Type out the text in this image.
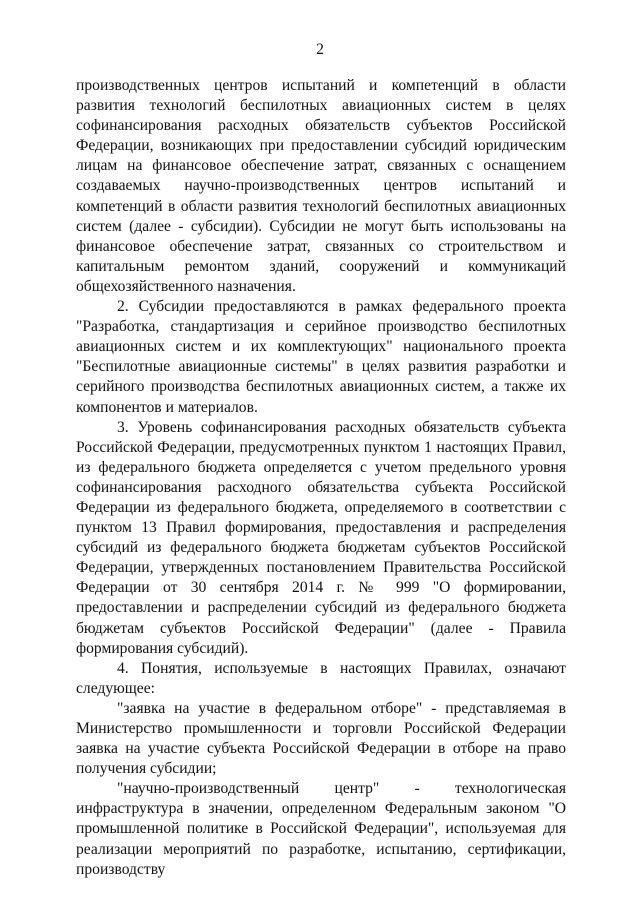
2

производственных центров испытаний и компетенций в области развития технологий беспилотных авиационных систем в целях софинансирования расходных обязательств субъектов Российской Федерации, возникающих при предоставлении субсидий юридическим лицам на финансовое обеспечение затрат, связанных с оснащением создаваемых научно-производственных центров испытаний и компетенций в области развития технологий беспилотных авиационных систем (далее - субсидии). Субсидии не могут быть использованы на финансовое обеспечение затрат, связанных со строительством и капитальным ремонтом зданий, сооружений и коммуникаций общехозяйственного назначения.

2. Субсидии предоставляются в рамках федерального проекта "Разработка, стандартизация и серийное производство беспилотных авиационных систем и их комплектующих" национального проекта "Беспилотные авиационные системы" в целях развития разработки и серийного производства беспилотных авиационных систем, а также их компонентов и материалов.

3. Уровень софинансирования расходных обязательств субъекта Российской Федерации, предусмотренных пунктом 1 настоящих Правил, из федерального бюджета определяется с учетом предельного уровня софинансирования расходного обязательства субъекта Российской Федерации из федерального бюджета, определяемого в соответствии с пунктом 13 Правил формирования, предоставления и распределения субсидий из федерального бюджета бюджетам субъектов Российской Федерации, утвержденных постановлением Правительства Российской Федерации от 30 сентября 2014 г. № 999 "О формировании, предоставлении и распределении субсидий из федерального бюджета бюджетам субъектов Российской Федерации" (далее - Правила формирования субсидий).

4. Понятия, используемые в настоящих Правилах, означают следующее:

"заявка на участие в федеральном отборе" - представляемая в Министерство промышленности и торговли Российской Федерации заявка на участие субъекта Российской Федерации в отборе на право получения субсидии;

"научно-производственный центр" - технологическая инфраструктура в значении, определенном Федеральным законом "О промышленной политике в Российской Федерации", используемая для реализации мероприятий по разработке, испытанию, сертификации, производству
